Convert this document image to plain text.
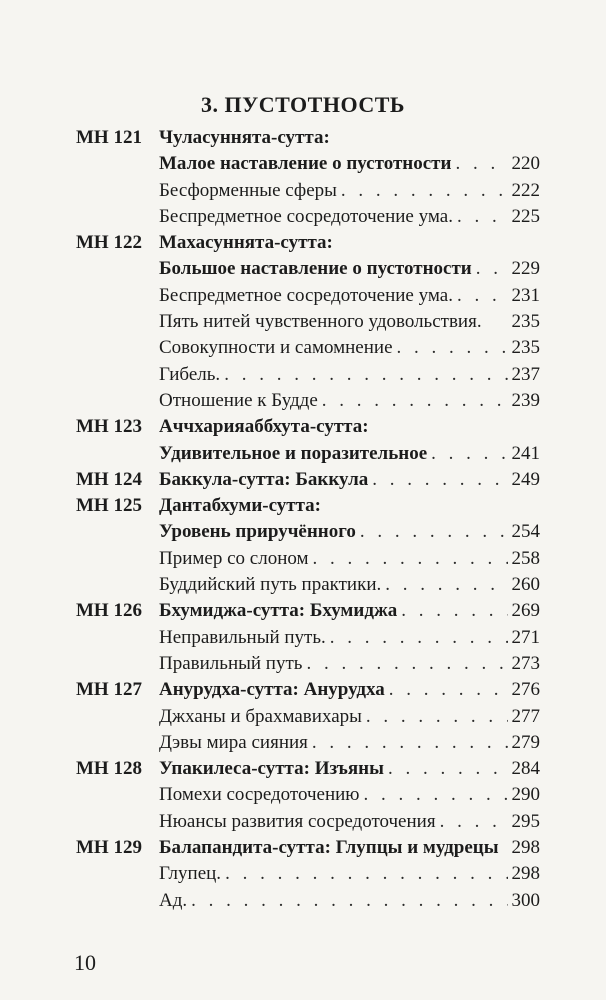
3. ПУСТОТНОСТЬ
МН 121 Чуласуннята-сутта:
Малое наставление о пустотности . . .	220
Бесформенные сферы . . .	222
Беспредметное сосредоточение ума. . . .	225
МН 122 Махасуннята-сутта:
Большое наставление о пустотности . . . 229
Беспредметное сосредоточение ума. . . .	231
Пять нитей чувственного удовольствия. 235
Совокупности и самомнение . . .	235
Гибель. . . .	237
Отношение к Будде . . .	239
МН 123 Аччхарияаббхута-сутта:
Удивительное и поразительное . . .	241
МН 124 Баккула-сутта: Баккула . . .	249
МН 125 Дантабхуми-сутта:
Уровень приручённого . . .	254
Пример со слоном . . .	258
Буддийский путь практики. . . .	260
МН 126 Бхумиджа-сутта: Бхумиджа . . .	269
Неправильный путь. . . .	271
Правильный путь . . .	273
МН 127 Анурудха-сутта: Анурудха . . .	276
Джханы и брахмавихары . . .	277
Дэвы мира сияния . . .	279
МН 128 Упакилеса-сутта: Изъяны . . .	284
Помехи сосредоточению . . .	290
Нюансы развития сосредоточения . . .	295
МН 129 Балапандита-сутта: Глупцы и мудрецы 298
Глупец. . . .	298
Ад. . . .	300
10
